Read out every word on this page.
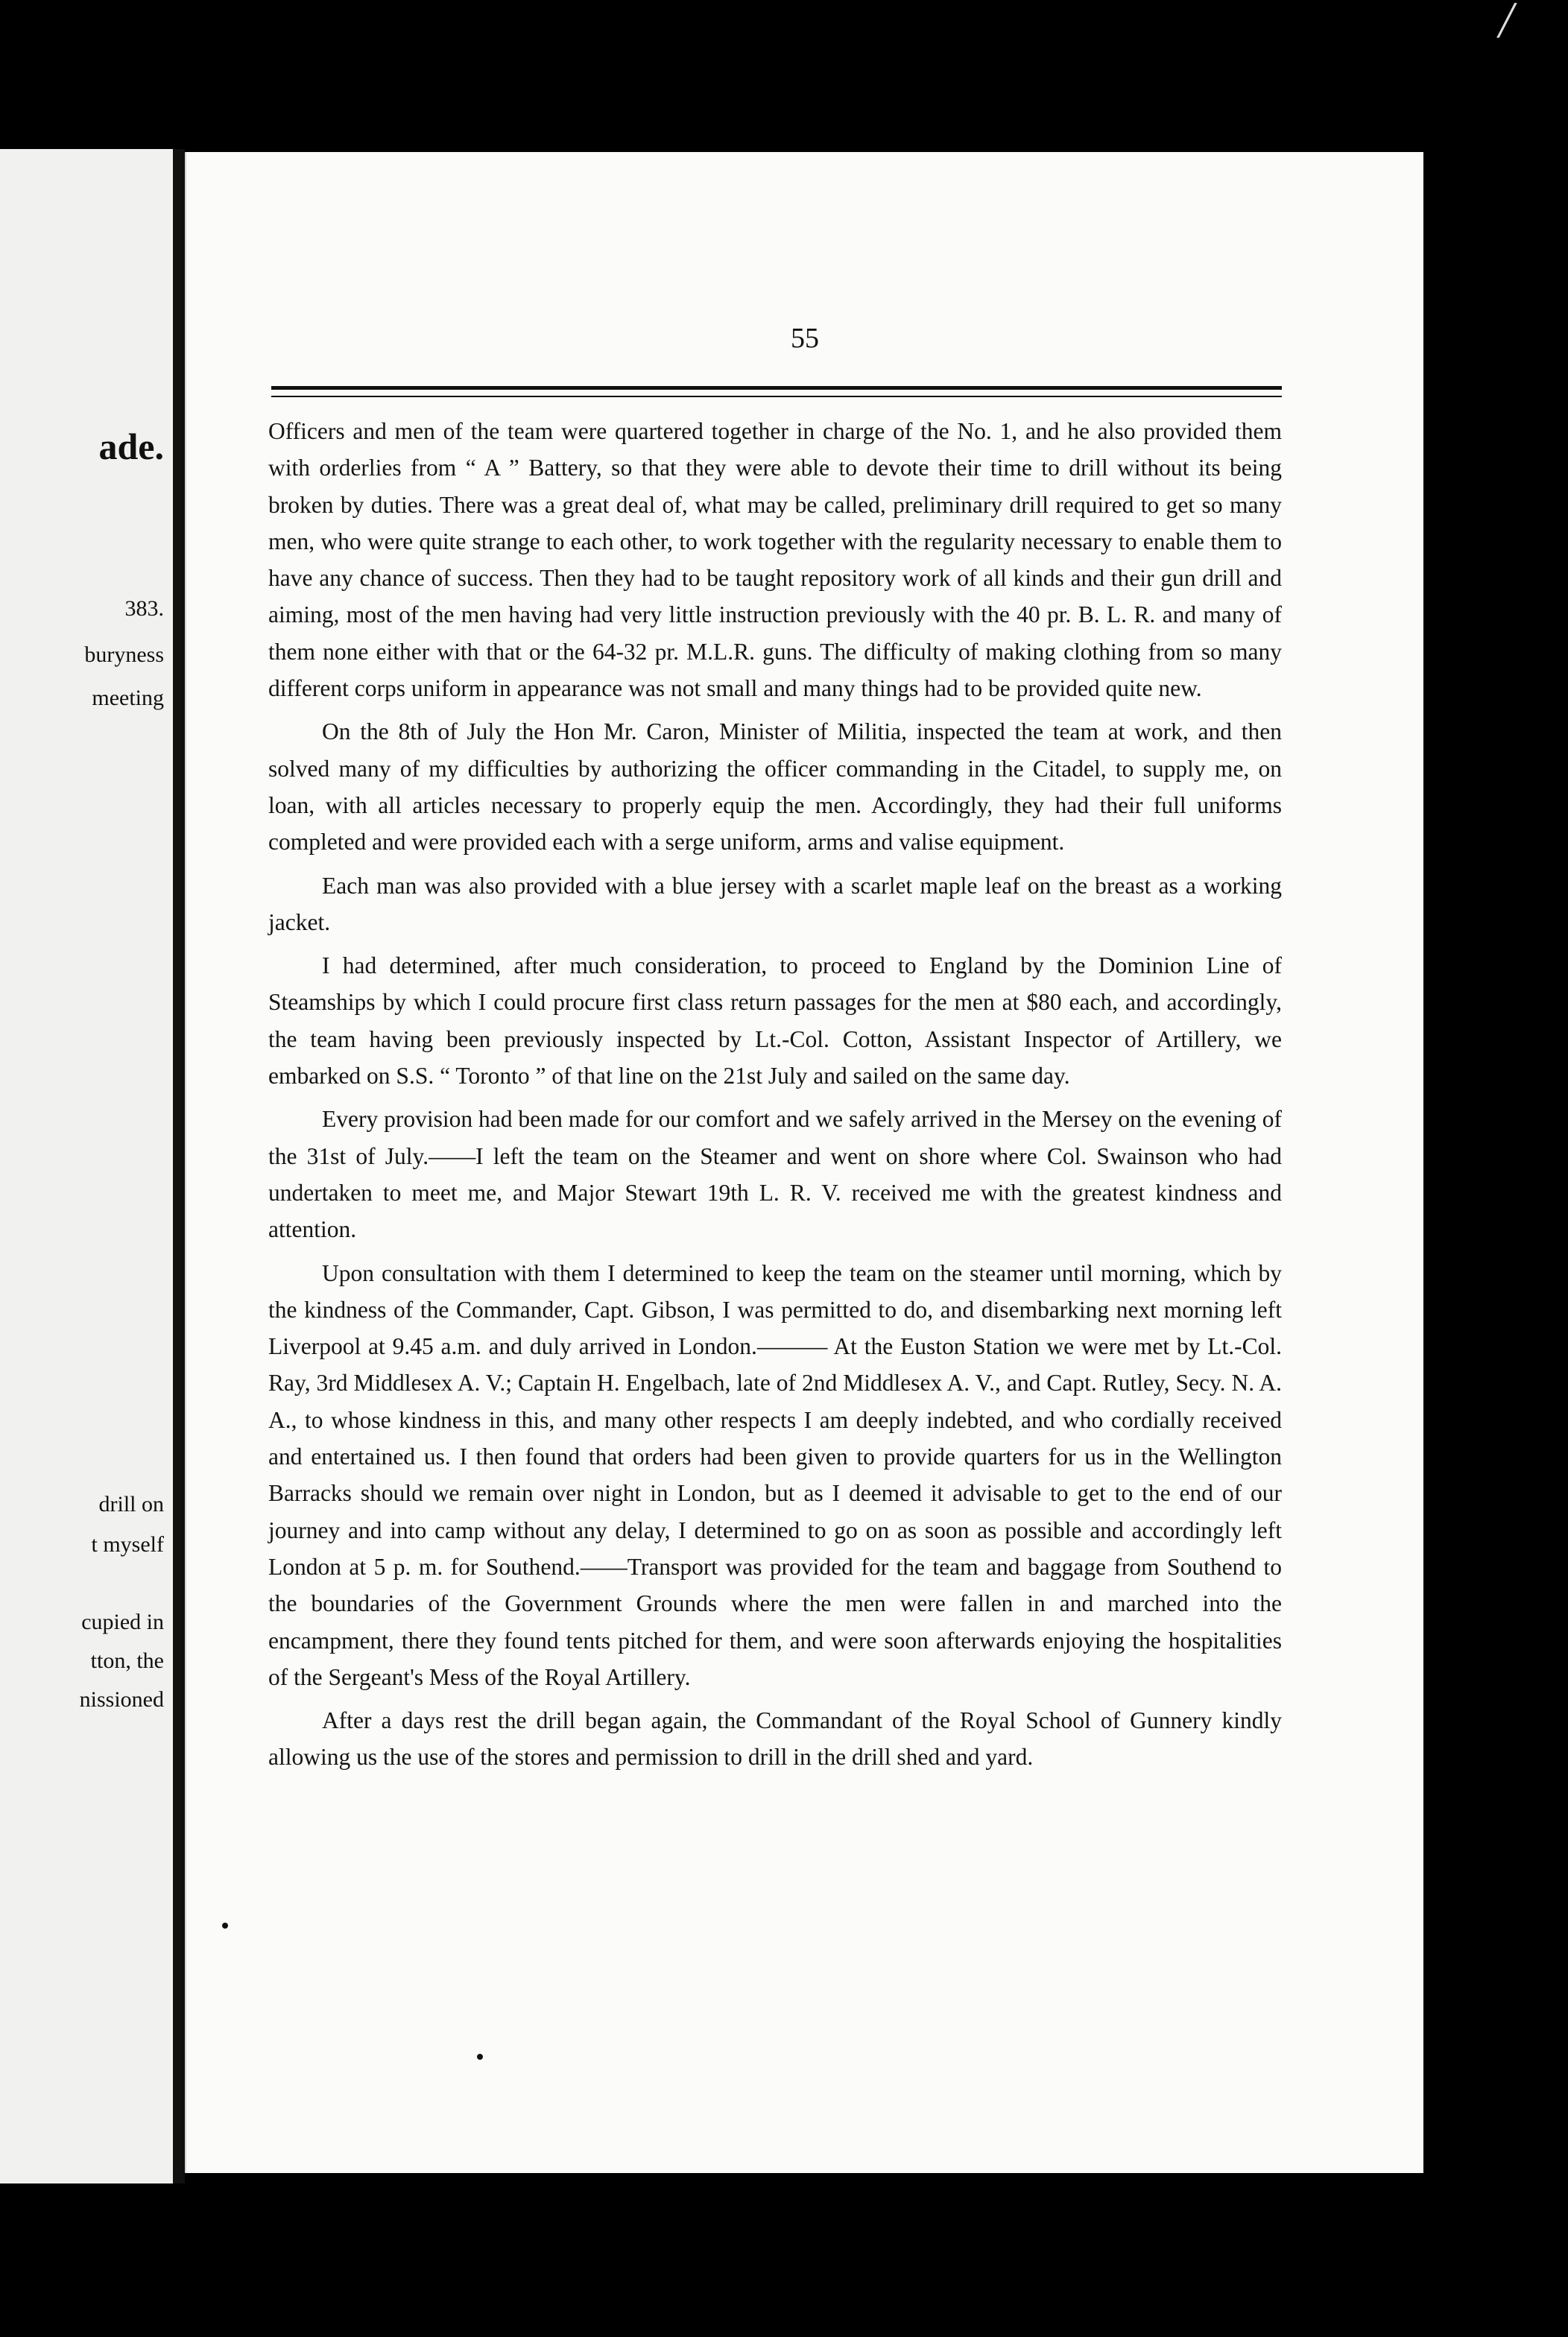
ade.
383.
buryness
meeting
drill on
t myself
cupied in
tton, the
nissioned
55

Officers and men of the team were quartered together in charge of the No. 1, and he also provided them with orderlies from “ A ” Battery, so that they were able to devote their time to drill without its being broken by duties. There was a great deal of, what may be called, preliminary drill required to get so many men, who were quite strange to each other, to work together with the regularity necessary to enable them to have any chance of success. Then they had to be taught repository work of all kinds and their gun drill and aiming, most of the men having had very little instruction previously with the 40 pr. B. L. R. and many of them none either with that or the 64-32 pr. M.L.R. guns. The difficulty of making clothing from so many different corps uniform in appearance was not small and many things had to be provided quite new.

On the 8th of July the Hon Mr. Caron, Minister of Militia, inspected the team at work, and then solved many of my difficulties by authorizing the officer commanding in the Citadel, to supply me, on loan, with all articles necessary to properly equip the men. Accordingly, they had their full uniforms completed and were provided each with a serge uniform, arms and valise equipment.

Each man was also provided with a blue jersey with a scarlet maple leaf on the breast as a working jacket.

I had determined, after much consideration, to proceed to England by the Dominion Line of Steamships by which I could procure first class return passages for the men at $80 each, and accordingly, the team having been previously inspected by Lt.-Col. Cotton, Assistant Inspector of Artillery, we embarked on S.S. “ Toronto ” of that line on the 21st July and sailed on the same day.

Every provision had been made for our comfort and we safely arrived in the Mersey on the evening of the 31st of July.——I left the team on the Steamer and went on shore where Col. Swainson who had undertaken to meet me, and Major Stewart 19th L. R. V. received me with the greatest kindness and attention.

Upon consultation with them I determined to keep the team on the steamer until morning, which by the kindness of the Commander, Capt. Gibson, I was permitted to do, and disembarking next morning left Liverpool at 9.45 a.m. and duly arrived in London.——— At the Euston Station we were met by Lt.-Col. Ray, 3rd Middlesex A. V.; Captain H. Engelbach, late of 2nd Middlesex A. V., and Capt. Rutley, Secy. N. A. A., to whose kindness in this, and many other respects I am deeply indebted, and who cordially received and entertained us. I then found that orders had been given to provide quarters for us in the Wellington Barracks should we remain over night in London, but as I deemed it advisable to get to the end of our journey and into camp without any delay, I determined to go on as soon as possible and accordingly left London at 5 p. m. for Southend.——Transport was provided for the team and baggage from Southend to the boundaries of the Government Grounds where the men were fallen in and marched into the encampment, there they found tents pitched for them, and were soon afterwards enjoying the hospitalities of the Sergeant's Mess of the Royal Artillery.

After a days rest the drill began again, the Commandant of the Royal School of Gunnery kindly allowing us the use of the stores and permission to drill in the drill shed and yard.

╱
